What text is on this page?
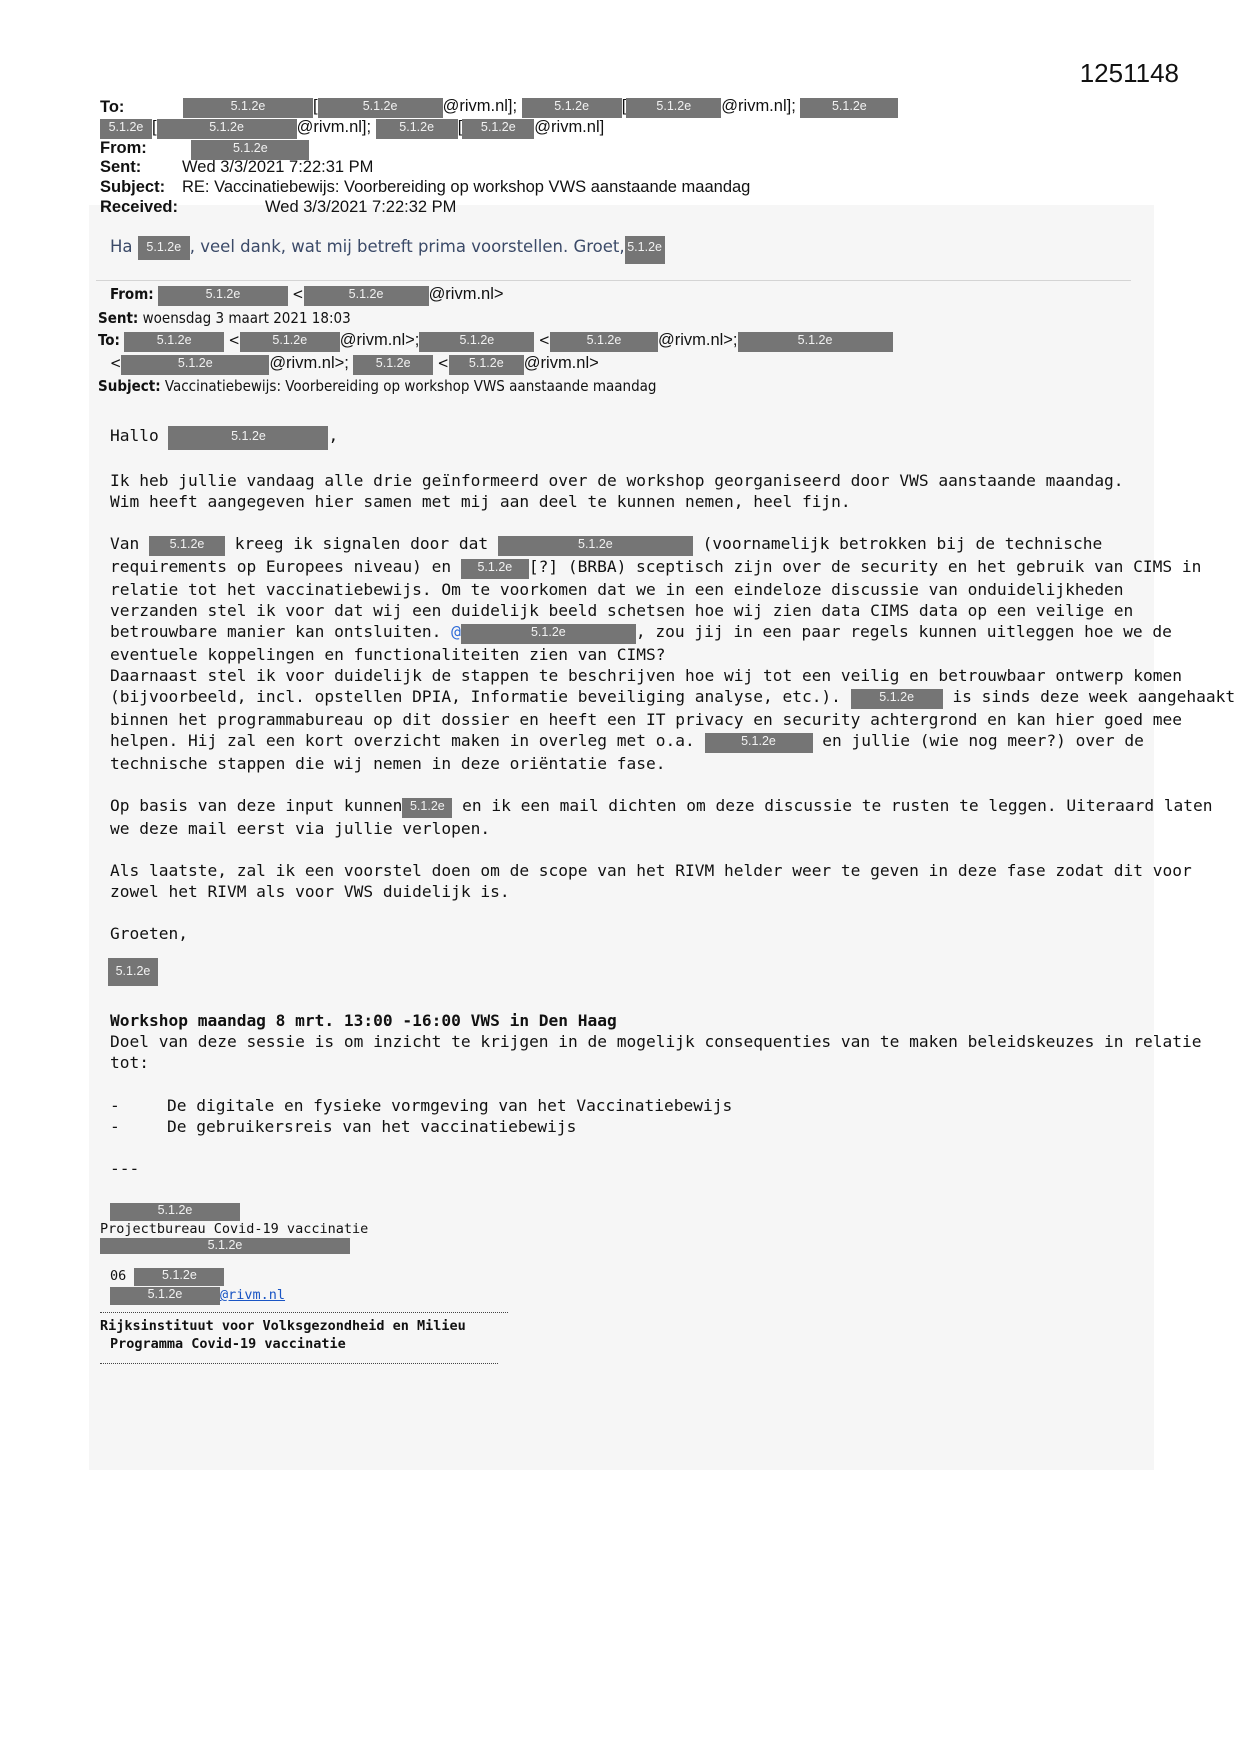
1251148
To:	5.1.2e	[	5.1.2e	@rivm.nl];	5.1.2e [ 5.1.2e @rivm.nl];	5.1.2e
5.1.2e [	5.1.2e	@rivm.nl]; 5.1.2e [ 5.1.2e @rivm.nl]
From:	5.1.2e
Sent: Wed 3/3/2021 7:22:31 PM
Subject: RE: Vaccinatiebewijs: Voorbereiding op workshop VWS aanstaande maandag
Received:	Wed 3/3/2021 7:22:32 PM
Ha 5.1.2e , veel dank, wat mij betreft prima voorstellen. Groet, 5.1.2e
From:	5.1.2e	<	5.1.2e	@rivm.nl>
Sent: woensdag 3 maart 2021 18:03
To:	5.1.2e <	5.1.2e @rivm.nl>;	5.1.2e	<	5.1.2e @rivm.nl>;	5.1.2e
<	5.1.2e	@rivm.nl>; 5.1.2e < 5.1.2e @rivm.nl>
Subject: Vaccinatiebewijs: Voorbereiding op workshop VWS aanstaande maandag

Hallo	5.1.2e	,

Ik heb jullie vandaag alle drie geïnformeerd over de workshop georganiseerd door VWS aanstaande maandag.

Wim heeft aangegeven hier samen met mij aan deel te kunnen nemen, heel fijn.

Van 5.1.2e kreeg ik signalen door dat	5.1.2e	(voornamelijk betrokken bij de technische

requirements op Europees niveau) en 5.1.2e [?] (BRBA) sceptisch zijn over de security en het gebruik van CIMS in

relatie tot het vaccinatiebewijs. Om te voorkomen dat we in een eindeloze discussie van onduidelijkheden

verzanden stel ik voor dat wij een duidelijk beeld schetsen hoe wij zien data CIMS data op een veilige en

betrouwbare manier kan ontsluiten. @	5.1.2e	, zou jij in een paar regels kunnen uitleggen hoe we de

eventuele koppelingen en functionaliteiten zien van CIMS?

Daarnaast stel ik voor duidelijk de stappen te beschrijven hoe wij tot een veilig en betrouwbaar ontwerp komen

(bijvoorbeeld, incl. opstellen DPIA, Informatie beveiliging analyse, etc.).	5.1.2e is sinds deze week aangehaakt

binnen het programmabureau op dit dossier en heeft een IT privacy en security achtergrond en kan hier goed mee

helpen. Hij zal een kort overzicht maken in overleg met o.a.	5.1.2e	en jullie (wie nog meer?) over de

technische stappen die wij nemen in deze oriëntatie fase.

Op basis van deze input kunnen 5.1.2e en ik een mail dichten om deze discussie te rusten te leggen. Uiteraard laten

we deze mail eerst via jullie verlopen.

Als laatste, zal ik een voorstel doen om de scope van het RIVM helder weer te geven in deze fase zodat dit voor

zowel het RIVM als voor VWS duidelijk is.

Groeten,

5.1.2e

Workshop maandag 8 mrt. 13:00 -16:00 VWS in Den Haag

Doel van deze sessie is om inzicht te krijgen in de mogelijk consequenties van te maken beleidskeuzes in relatie

tot:

-	De digitale en fysieke vormgeving van het Vaccinatiebewijs
-	De gebruikersreis van het vaccinatiebewijs
---
5.1.2e
Projectbureau Covid-19 vaccinatie
5.1.2e
06	5.1.2e
5.1.2e	@rivm.nl
Rijksinstituut voor Volksgezondheid en Milieu
Programma Covid-19 vaccinatie
